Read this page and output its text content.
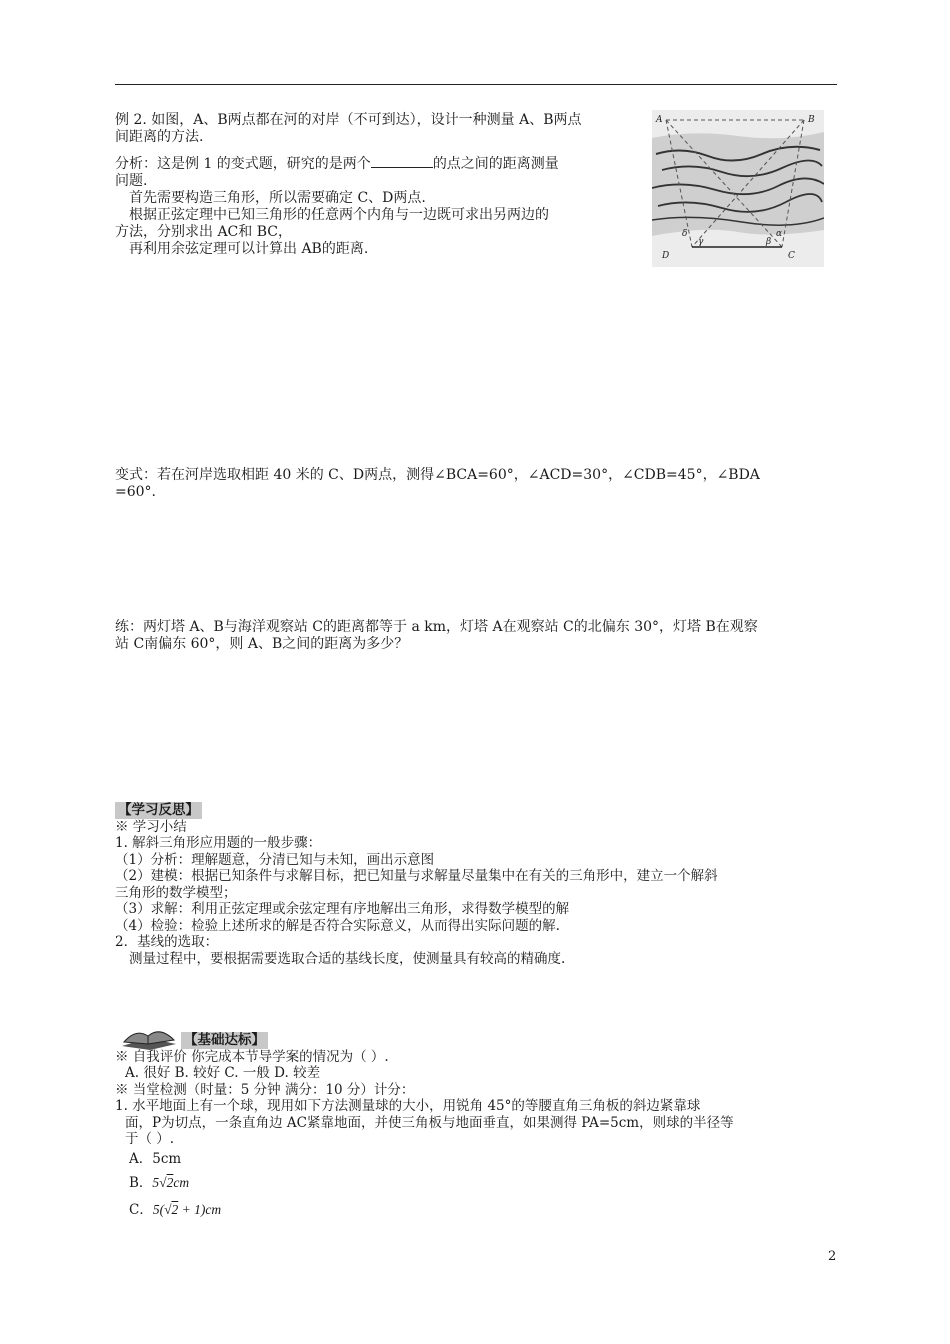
例 2. 如图，A、B两点都在河的对岸（不可到达），设计一种测量 A、B两点

间距离的方法.

分析：这是例 1 的变式题，研究的是两个	的点之间的距离测量

问题.

首先需要构造三角形，所以需要确定 C、D两点.

根据正弦定理中已知三角形的任意两个内角与一边既可求出另两边的

方法，分别求出 AC和 BC，

再利用余弦定理可以计算出 AB的距离.

A	B
D	C
δ
γ	β
α

变式：若在河岸选取相距 40 米的 C、D两点，测得∠BCA=60°，∠ACD=30°，∠CDB=45°，∠BDA

=60°.

练：两灯塔 A、B与海洋观察站 C的距离都等于 a km，灯塔 A在观察站 C的北偏东 30°，灯塔 B在观察

站 C南偏东 60°，则 A、B之间的距离为多少？

【学习反思】

※ 学习小结

1. 解斜三角形应用题的一般步骤：

（1）分析：理解题意，分清已知与未知，画出示意图

（2）建模：根据已知条件与求解目标，把已知量与求解量尽量集中在有关的三角形中，建立一个解斜

三角形的数学模型；

（3）求解：利用正弦定理或余弦定理有序地解出三角形，求得数学模型的解

（4）检验：检验上述所求的解是否符合实际意义，从而得出实际问题的解.

2．基线的选取：

测量过程中，要根据需要选取合适的基线长度，使测量具有较高的精确度.

【基础达标】

※ 自我评价 你完成本节导学案的情况为（ ）.

A. 很好 B. 较好 C. 一般 D. 较差

※ 当堂检测（时量：5 分钟 满分：10 分）计分：

1. 水平地面上有一个球，现用如下方法测量球的大小，用锐角 45°的等腰直角三角板的斜边紧靠球

面，P为切点，一条直角边 AC紧靠地面，并使三角板与地面垂直，如果测得 PA=5cm，则球的半径等

于（ ）.

A．5cm

B．5√2cm

C．5(√2 + 1)cm

2
